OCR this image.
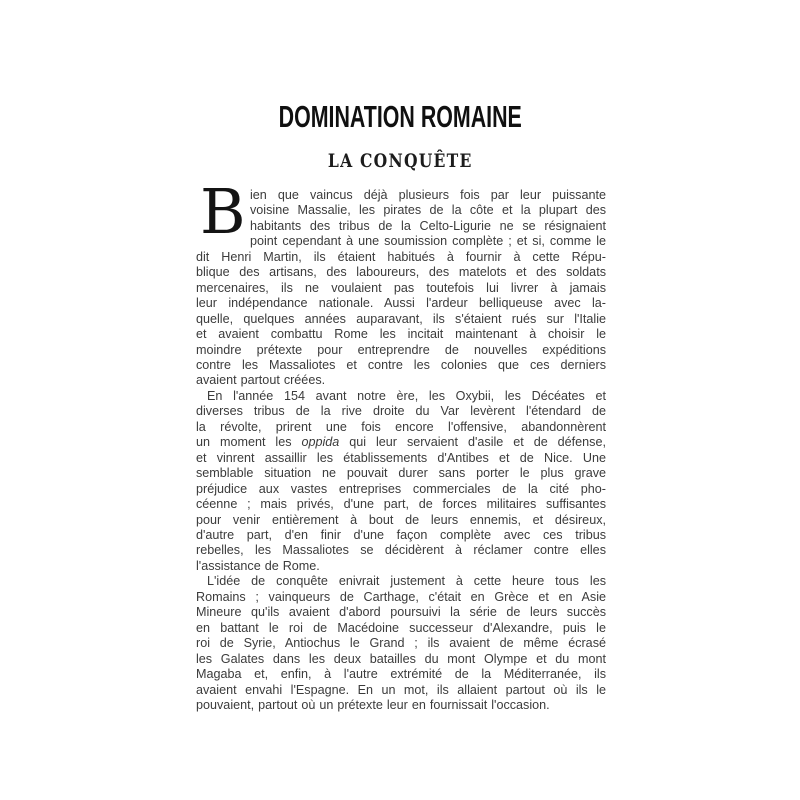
DOMINATION ROMAINE
LA CONQUÊTE
B ien que vaincus déjà plusieurs fois par leur puissante
voisine Massalie, les pirates de la côte et la plupart des
habitants des tribus de la Celto-Ligurie ne se résignaient
point cependant à une soumission complète ; et si, comme le
dit Henri Martin, ils étaient habitués à fournir à cette Répu-
blique des artisans, des laboureurs, des matelots et des soldats
mercenaires, ils ne voulaient pas toutefois lui livrer à jamais
leur indépendance nationale. Aussi l'ardeur belliqueuse avec la-
quelle, quelques années auparavant, ils s'étaient rués sur l'Italie
et avaient combattu Rome les incitait maintenant à choisir le
moindre prétexte pour entreprendre de nouvelles expéditions
contre les Massaliotes et contre les colonies que ces derniers
avaient partout créées.
En l'année 154 avant notre ère, les Oxybii, les Décéates et
diverses tribus de la rive droite du Var levèrent l'étendard de
la révolte, prirent une fois encore l'offensive, abandonnèrent
un moment les oppida qui leur servaient d'asile et de défense,
et vinrent assaillir les établissements d'Antibes et de Nice. Une
semblable situation ne pouvait durer sans porter le plus grave
préjudice aux vastes entreprises commerciales de la cité pho-
céenne ; mais privés, d'une part, de forces militaires suffisantes
pour venir entièrement à bout de leurs ennemis, et désireux,
d'autre part, d'en finir d'une façon complète avec ces tribus
rebelles, les Massaliotes se décidèrent à réclamer contre elles
l'assistance de Rome.
L'idée de conquête enivrait justement à cette heure tous les
Romains ; vainqueurs de Carthage, c'était en Grèce et en Asie
Mineure qu'ils avaient d'abord poursuivi la série de leurs succès
en battant le roi de Macédoine successeur d'Alexandre, puis le
roi de Syrie, Antiochus le Grand ; ils avaient de même écrasé
les Galates dans les deux batailles du mont Olympe et du mont
Magaba et, enfin, à l'autre extrémité de la Méditerranée, ils
avaient envahi l'Espagne. En un mot, ils allaient partout où ils le
pouvaient, partout où un prétexte leur en fournissait l'occasion.
